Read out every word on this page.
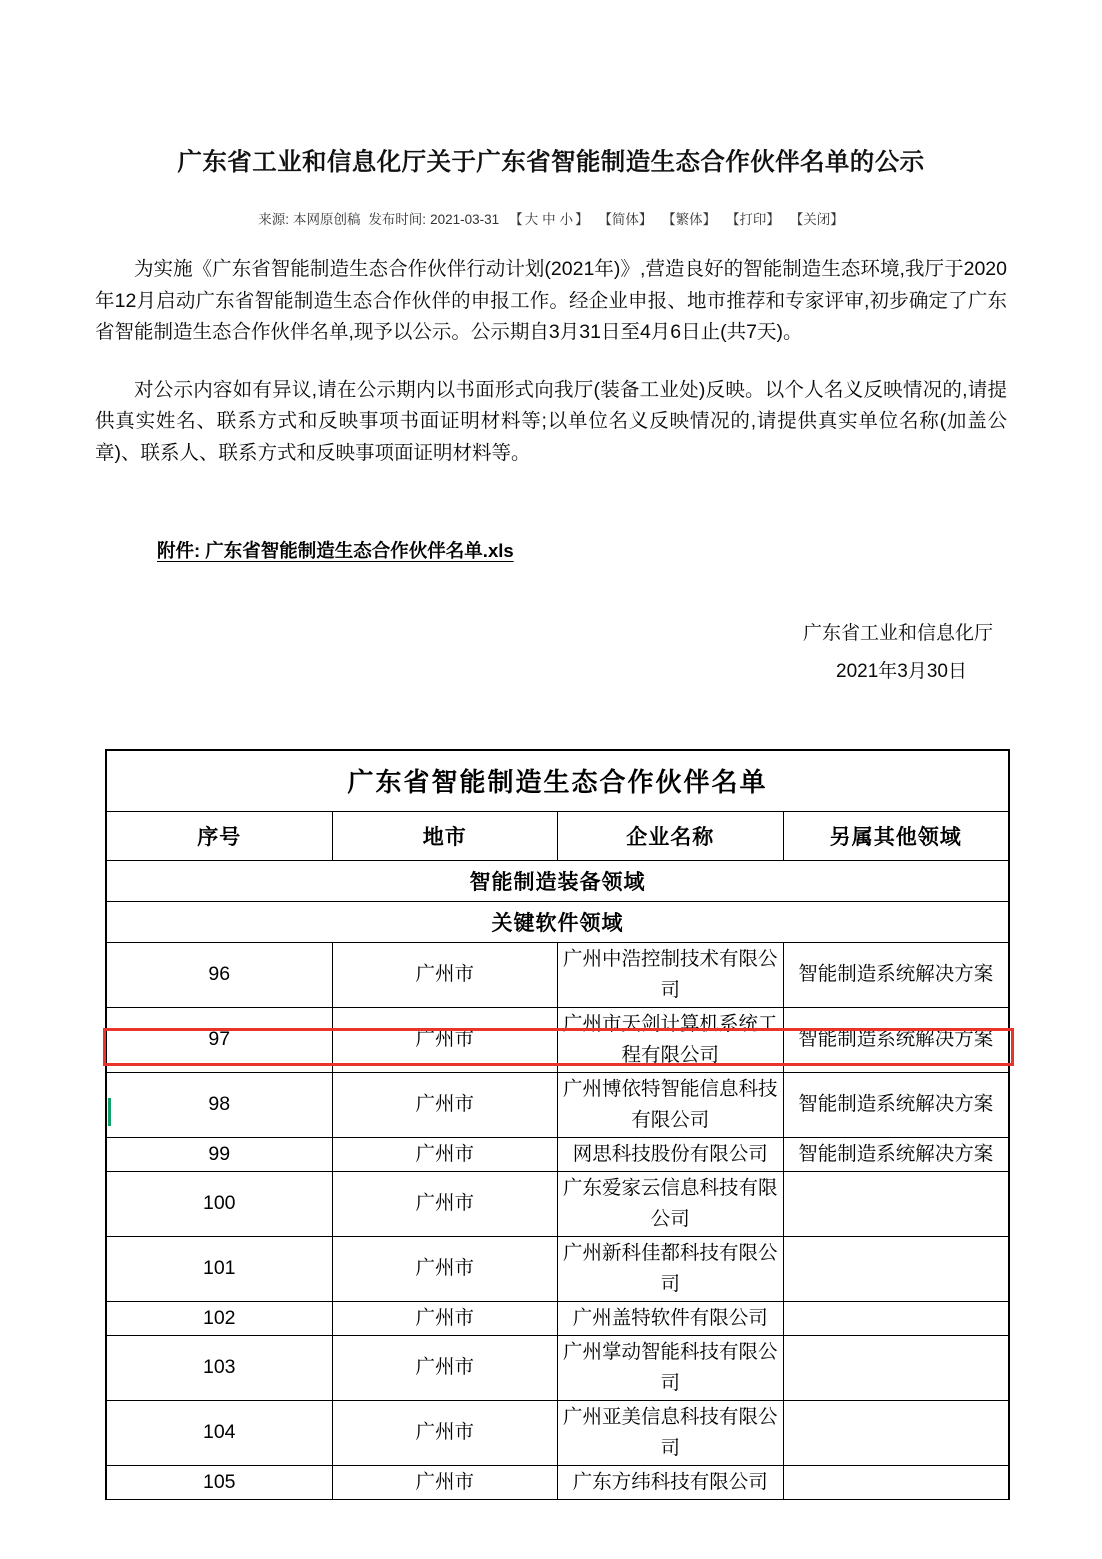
广东省工业和信息化厅关于广东省智能制造生态合作伙伴名单的公示
来源: 本网原创稿 发布时间: 2021-03-31 【 大 中 小 】 【简体】 【繁体】 【打印】 【关闭】

为实施《广东省智能制造生态合作伙伴行动计划(2021年)》,营造良好的智能制造生态环境,我厅于2020年12月启动广东省智能制造生态合作伙伴的申报工作。经企业申报、地市推荐和专家评审,初步确定了广东省智能制造生态合作伙伴名单,现予以公示。公示期自3月31日至4月6日止(共7天)。

对公示内容如有异议,请在公示期内以书面形式向我厅(装备工业处)反映。以个人名义反映情况的,请提供真实姓名、联系方式和反映事项书面证明材料等;以单位名义反映情况的,请提供真实单位名称(加盖公章)、联系人、联系方式和反映事项面证明材料等。

附件: 广东省智能制造生态合作伙伴名单.xls
广东省工业和信息化厅
2021年3月30日
广东省智能制造生态合作伙伴名单			
序号	地市	企业名称	另属其他领域
智能制造装备领域			
关键软件领域			
96	广州市	广州中浩控制技术有限公司	智能制造系统解决方案
97	广州市	广州市天剑计算机系统工程有限公司	智能制造系统解决方案
98	广州市	广州博依特智能信息科技有限公司	智能制造系统解决方案
99	广州市	网思科技股份有限公司	智能制造系统解决方案
100	广州市	广东爱家云信息科技有限公司	
101	广州市	广州新科佳都科技有限公司	
102	广州市	广州盖特软件有限公司	
103	广州市	广州掌动智能科技有限公司	
104	广州市	广州亚美信息科技有限公司	
105	广州市	广东方纬科技有限公司	
